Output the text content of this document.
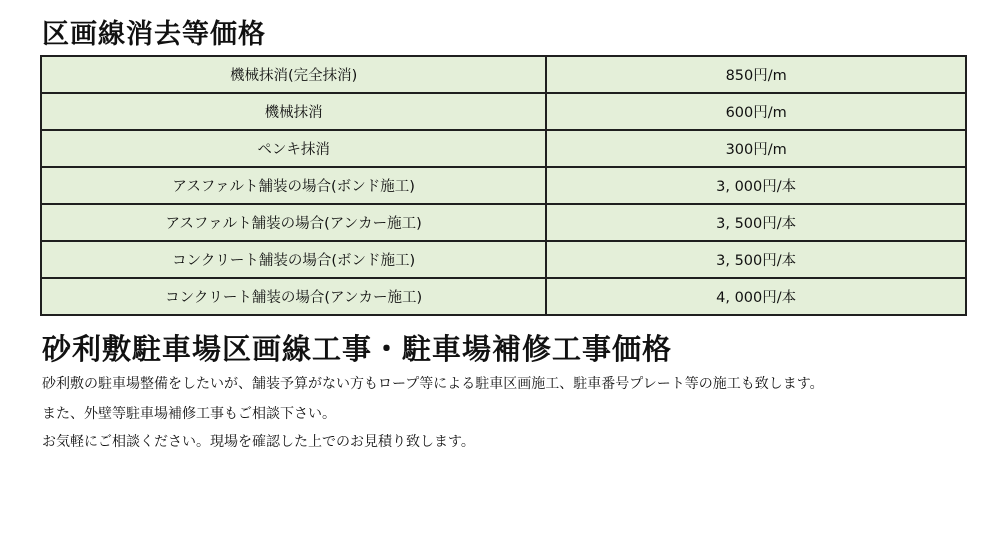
区画線消去等価格
機械抹消(完全抹消)	850円/m
機械抹消	600円/m
ペンキ抹消	300円/m
アスファルト舗装の場合(ボンド施工)	3, 000円/本
アスファルト舗装の場合(アンカー施工)	3, 500円/本
コンクリート舗装の場合(ボンド施工)	3, 500円/本
コンクリート舗装の場合(アンカー施工)	4, 000円/本
砂利敷駐車場区画線工事・駐車場補修工事価格

砂利敷の駐車場整備をしたいが、舗装予算がない方もロープ等による駐車区画施工、駐車番号プレート等の施工も致します。

また、外壁等駐車場補修工事もご相談下さい。

お気軽にご相談ください。現場を確認した上でのお見積り致します。
